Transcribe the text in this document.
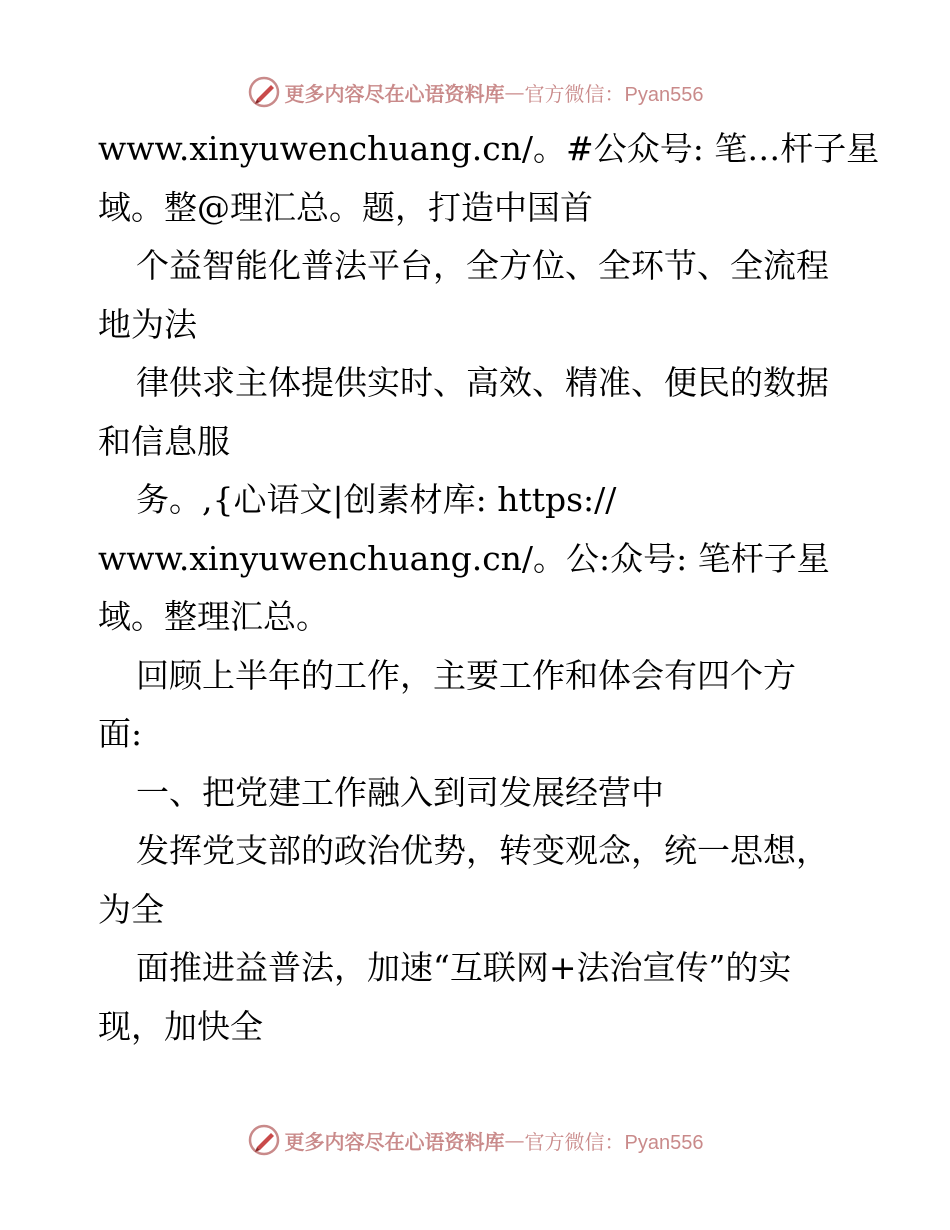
更多内容尽在心语资料库 — 官方微信：Pyan556
www.xinyuwenchuang.cn/。#公众号: 笔…杆子星
域。整@理汇总。题，打造中国首
个益智能化普法平台，全方位、全环节、全流程
地为法
律供求主体提供实时、高效、精准、便民的数据
和信息服
务。,{心语文|创素材库: https://
www.xinyuwenchuang.cn/。公:众号: 笔杆子星
域。整理汇总。
回顾上半年的工作，主要工作和体会有四个方
面:
一、把党建工作融入到司发展经营中
发挥党支部的政治优势，转变观念，统一思想，
为全
面推进益普法，加速“互联网+法治宣传”的实
现，加快全
更多内容尽在心语资料库 — 官方微信：Pyan556
